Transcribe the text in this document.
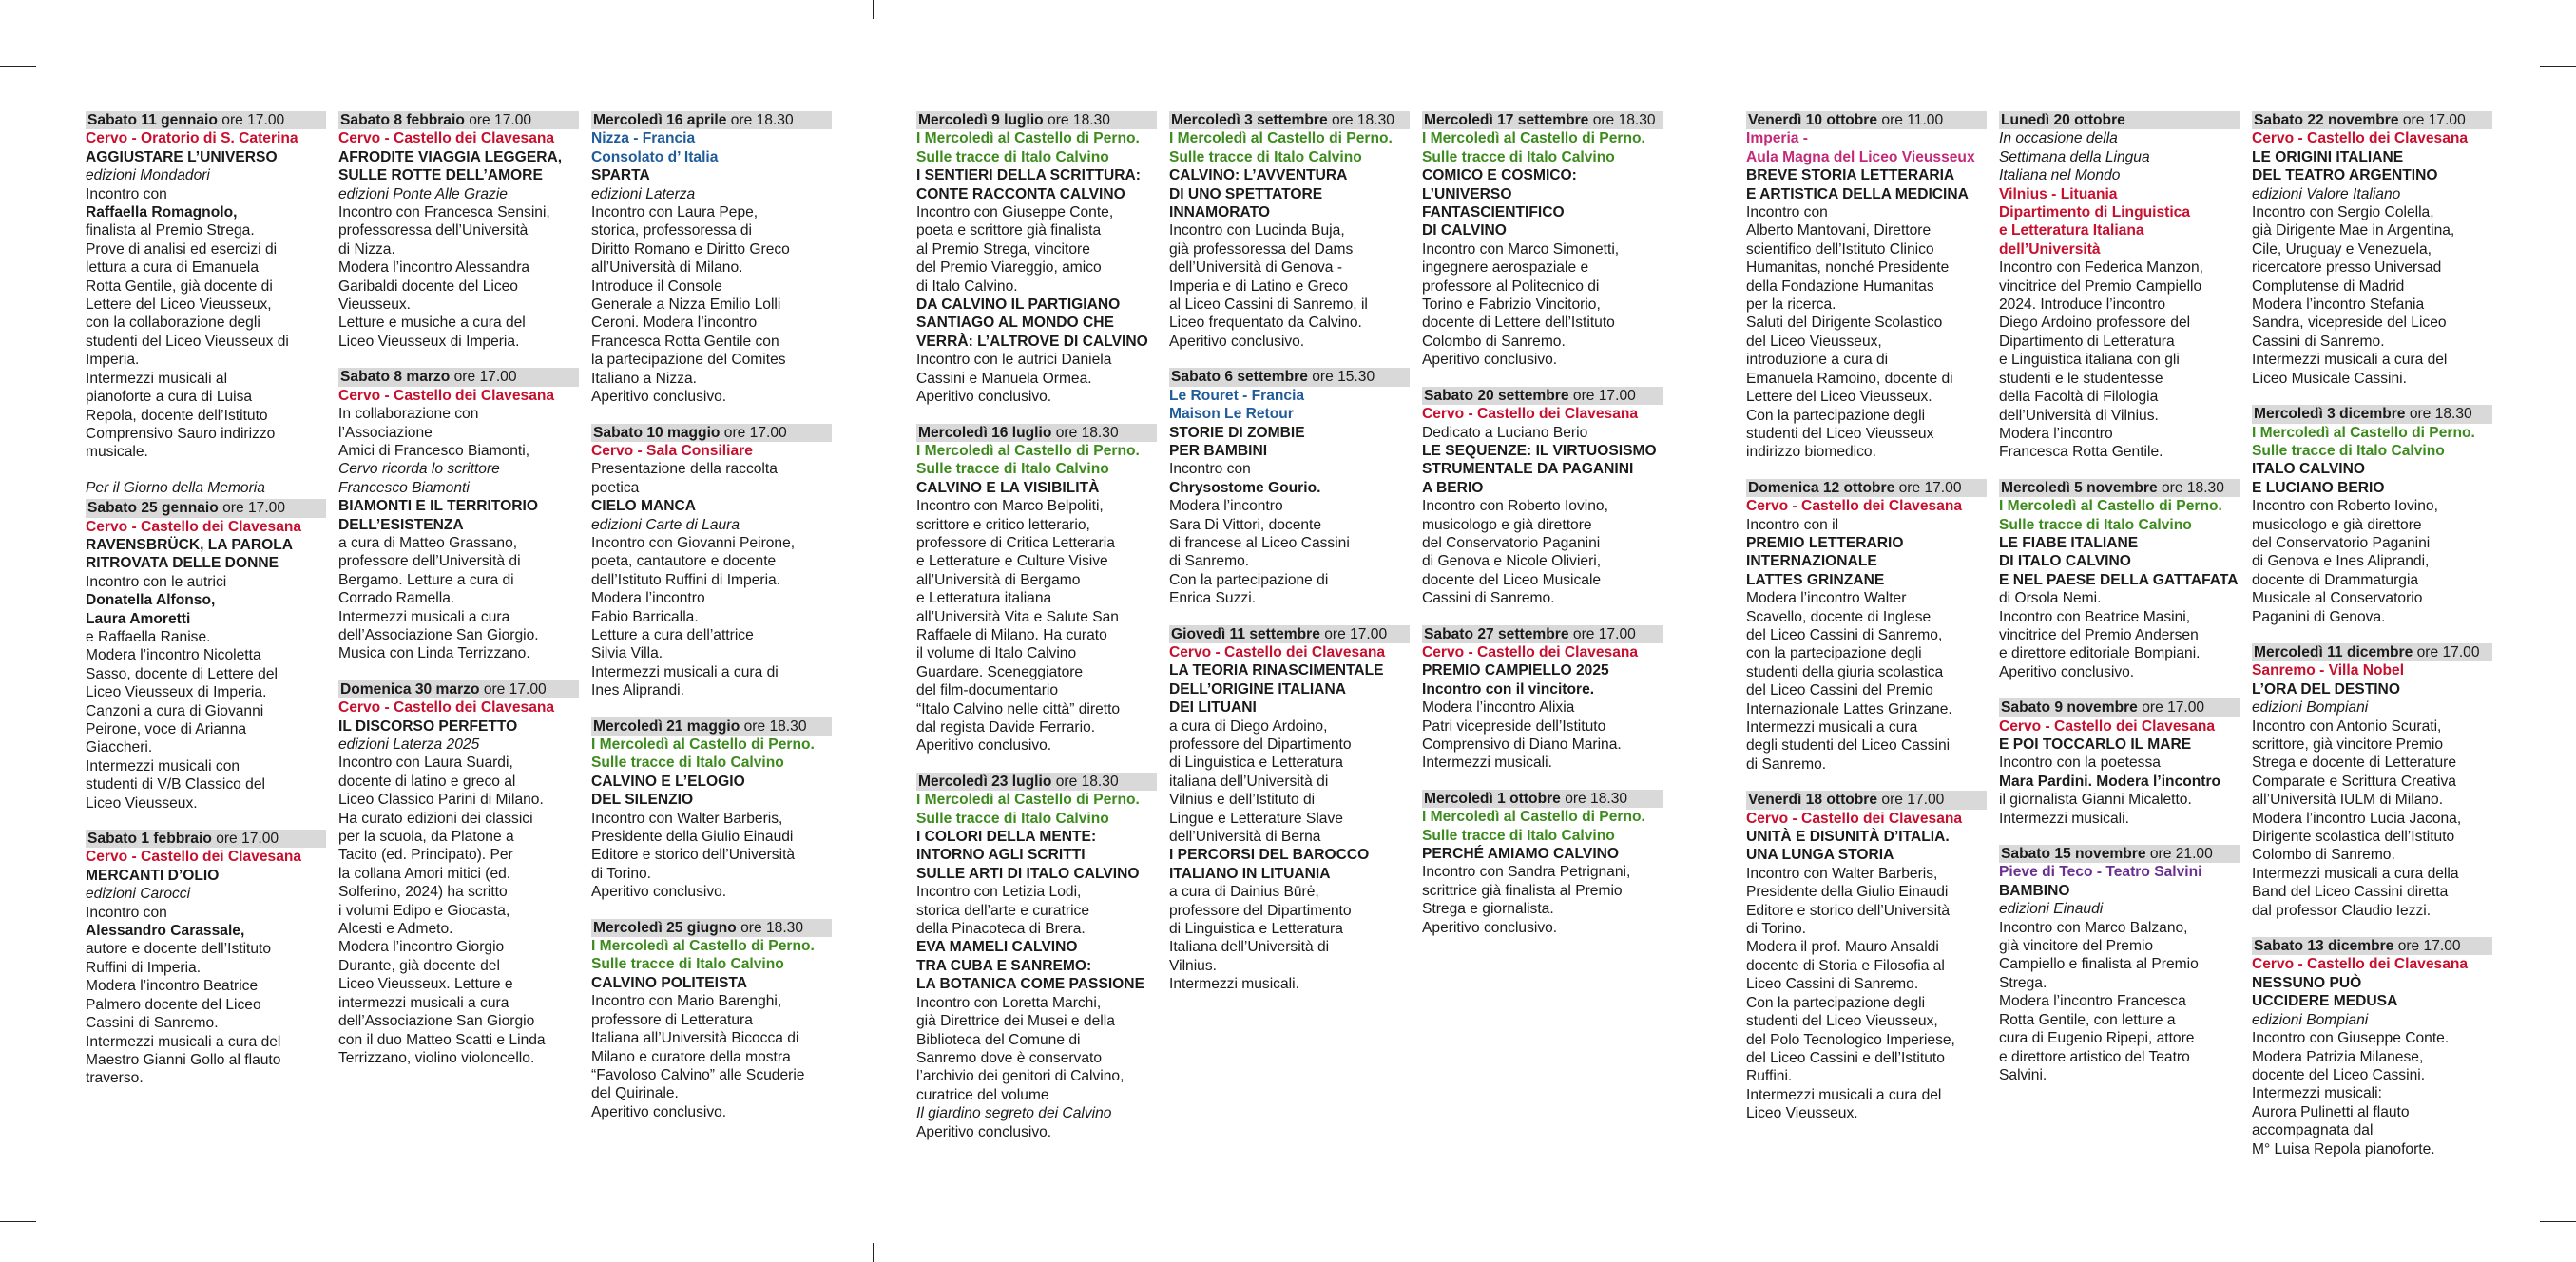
Sabato 11 gennaio ore 17.00
Cervo - Oratorio di S. Caterina
AGGIUSTARE L’UNIVERSO
edizioni Mondadori
Incontro con
Raffaella Romagnolo,
finalista al Premio Strega.
Prove di analisi ed esercizi di
lettura a cura di Emanuela
Rotta Gentile, già docente di
Lettere del Liceo Vieusseux,
con la collaborazione degli
studenti del Liceo Vieusseux di
Imperia.
Intermezzi musicali al
pianoforte a cura di Luisa
Repola, docente dell’Istituto
Comprensivo Sauro indirizzo
musicale.
Per il Giorno della Memoria
Sabato 25 gennaio ore 17.00
Cervo - Castello dei Clavesana
RAVENSBRÜCK, LA PAROLA
RITROVATA DELLE DONNE
Incontro con le autrici
Donatella Alfonso,
Laura Amoretti
e Raffaella Ranise.
Modera l’incontro Nicoletta
Sasso, docente di Lettere del
Liceo Vieusseux di Imperia.
Canzoni a cura di Giovanni
Peirone, voce di Arianna
Giaccheri.
Intermezzi musicali con
studenti di V/B Classico del
Liceo Vieusseux.
Sabato 1 febbraio ore 17.00
Cervo - Castello dei Clavesana
MERCANTI D’OLIO
edizioni Carocci
Incontro con
Alessandro Carassale,
autore e docente dell’Istituto
Ruffini di Imperia.
Modera l’incontro Beatrice
Palmero docente del Liceo
Cassini di Sanremo.
Intermezzi musicali a cura del
Maestro Gianni Gollo al flauto
traverso.
Sabato 8 febbraio ore 17.00
Cervo - Castello dei Clavesana
AFRODITE VIAGGIA LEGGERA,
SULLE ROTTE DELL’AMORE
edizioni Ponte Alle Grazie
Incontro con Francesca Sensini,
professoressa dell’Università
di Nizza.
Modera l’incontro Alessandra
Garibaldi docente del Liceo
Vieusseux.
Letture e musiche a cura del
Liceo Vieusseux di Imperia.
Sabato 8 marzo ore 17.00
Cervo - Castello dei Clavesana
In collaborazione con
l’Associazione
Amici di Francesco Biamonti,
Cervo ricorda lo scrittore
Francesco Biamonti
BIAMONTI E IL TERRITORIO
DELL’ESISTENZA
a cura di Matteo Grassano,
professore dell’Università di
Bergamo. Letture a cura di
Corrado Ramella.
Intermezzi musicali a cura
dell’Associazione San Giorgio.
Musica con Linda Terrizzano.
Domenica 30 marzo ore 17.00
Cervo - Castello dei Clavesana
IL DISCORSO PERFETTO
edizioni Laterza 2025
Incontro con Laura Suardi,
docente di latino e greco al
Liceo Classico Parini di Milano.
Ha curato edizioni dei classici
per la scuola, da Platone a
Tacito (ed. Principato). Per
la collana Amori mitici (ed.
Solferino, 2024) ha scritto
i volumi Edipo e Giocasta,
Alcesti e Admeto.
Modera l’incontro Giorgio
Durante, già docente del
Liceo Vieusseux. Letture e
intermezzi musicali a cura
dell’Associazione San Giorgio
con il duo Matteo Scatti e Linda
Terrizzano, violino violoncello.
Mercoledì 16 aprile ore 18.30
Nizza - Francia
Consolato d’ Italia
SPARTA
edizioni Laterza
Incontro con Laura Pepe,
storica, professoressa di
Diritto Romano e Diritto Greco
all’Università di Milano.
Introduce il Console
Generale a Nizza Emilio Lolli
Ceroni. Modera l’incontro
Francesca Rotta Gentile con
la partecipazione del Comites
Italiano a Nizza.
Aperitivo conclusivo.
Sabato 10 maggio ore 17.00
Cervo - Sala Consiliare
Presentazione della raccolta
poetica
CIELO MANCA
edizioni Carte di Laura
Incontro con Giovanni Peirone,
poeta, cantautore e docente
dell’Istituto Ruffini di Imperia.
Modera l’incontro
Fabio Barricalla.
Letture a cura dell’attrice
Silvia Villa.
Intermezzi musicali a cura di
Ines Aliprandi.
Mercoledì 21 maggio ore 18.30
I Mercoledì al Castello di Perno.
Sulle tracce di Italo Calvino
CALVINO E L’ELOGIO
DEL SILENZIO
Incontro con Walter Barberis,
Presidente della Giulio Einaudi
Editore e storico dell’Università
di Torino.
Aperitivo conclusivo.
Mercoledì 25 giugno ore 18.30
I Mercoledì al Castello di Perno.
Sulle tracce di Italo Calvino
CALVINO POLITEISTA
Incontro con Mario Barenghi,
professore di Letteratura
Italiana all’Università Bicocca di
Milano e curatore della mostra
“Favoloso Calvino” alle Scuderie
del Quirinale.
Aperitivo conclusivo.
Mercoledì 9 luglio ore 18.30
I Mercoledì al Castello di Perno.
Sulle tracce di Italo Calvino
I SENTIERI DELLA SCRITTURA:
CONTE RACCONTA CALVINO
Incontro con Giuseppe Conte,
poeta e scrittore già finalista
al Premio Strega, vincitore
del Premio Viareggio, amico
di Italo Calvino.
DA CALVINO IL PARTIGIANO
SANTIAGO AL MONDO CHE
VERRÀ: L’ALTROVE DI CALVINO
Incontro con le autrici Daniela
Cassini e Manuela Ormea.
Aperitivo conclusivo.
Mercoledì 16 luglio ore 18.30
I Mercoledì al Castello di Perno.
Sulle tracce di Italo Calvino
CALVINO E LA VISIBILITÀ
Incontro con Marco Belpoliti,
scrittore e critico letterario,
professore di Critica Letteraria
e Letterature e Culture Visive
all’Università di Bergamo
e Letteratura italiana
all’Università Vita e Salute San
Raffaele di Milano. Ha curato
il volume di Italo Calvino
Guardare. Sceneggiatore
del film-documentario
“Italo Calvino nelle città” diretto
dal regista Davide Ferrario.
Aperitivo conclusivo.
Mercoledì 23 luglio ore 18.30
I Mercoledì al Castello di Perno.
Sulle tracce di Italo Calvino
I COLORI DELLA MENTE:
INTORNO AGLI SCRITTI
SULLE ARTI DI ITALO CALVINO
Incontro con Letizia Lodi,
storica dell’arte e curatrice
della Pinacoteca di Brera.
EVA MAMELI CALVINO
TRA CUBA E SANREMO:
LA BOTANICA COME PASSIONE
Incontro con Loretta Marchi,
già Direttrice dei Musei e della
Biblioteca del Comune di
Sanremo dove è conservato
l’archivio dei genitori di Calvino,
curatrice del volume
Il giardino segreto dei Calvino
Aperitivo conclusivo.
Mercoledì 3 settembre ore 18.30
I Mercoledì al Castello di Perno.
Sulle tracce di Italo Calvino
CALVINO: L’AVVENTURA
DI UNO SPETTATORE
INNAMORATO
Incontro con Lucinda Buja,
già professoressa del Dams
dell’Università di Genova -
Imperia e di Latino e Greco
al Liceo Cassini di Sanremo, il
Liceo frequentato da Calvino.
Aperitivo conclusivo.
Sabato 6 settembre ore 15.30
Le Rouret - Francia
Maison Le Retour
STORIE DI ZOMBIE
PER BAMBINI
Incontro con
Chrysostome Gourio.
Modera l’incontro
Sara Di Vittori, docente
di francese al Liceo Cassini
di Sanremo.
Con la partecipazione di
Enrica Suzzi.
Giovedì 11 settembre ore 17.00
Cervo - Castello dei Clavesana
LA TEORIA RINASCIMENTALE
DELL’ORIGINE ITALIANA
DEI LITUANI
a cura di Diego Ardoino,
professore del Dipartimento
di Linguistica e Letteratura
italiana dell’Università di
Vilnius e dell’Istituto di
Lingue e Letterature Slave
dell’Università di Berna
I PERCORSI DEL BAROCCO
ITALIANO IN LITUANIA
a cura di Dainius Būrė,
professore del Dipartimento
di Linguistica e Letteratura
Italiana dell’Università di
Vilnius.
Intermezzi musicali.
Mercoledì 17 settembre ore 18.30
I Mercoledì al Castello di Perno.
Sulle tracce di Italo Calvino
COMICO E COSMICO:
L’UNIVERSO
FANTASCIENTIFICO
DI CALVINO
Incontro con Marco Simonetti,
ingegnere aerospaziale e
professore al Politecnico di
Torino e Fabrizio Vincitorio,
docente di Lettere dell’Istituto
Colombo di Sanremo.
Aperitivo conclusivo.
Sabato 20 settembre ore 17.00
Cervo - Castello dei Clavesana
Dedicato a Luciano Berio
LE SEQUENZE: IL VIRTUOSISMO
STRUMENTALE DA PAGANINI
A BERIO
Incontro con Roberto Iovino,
musicologo e già direttore
del Conservatorio Paganini
di Genova e Nicole Olivieri,
docente del Liceo Musicale
Cassini di Sanremo.
Sabato 27 settembre ore 17.00
Cervo - Castello dei Clavesana
PREMIO CAMPIELLO 2025
Incontro con il vincitore.
Modera l’incontro Alixia
Patri vicepreside dell’Istituto
Comprensivo di Diano Marina.
Intermezzi musicali.
Mercoledì 1 ottobre ore 18.30
I Mercoledì al Castello di Perno.
Sulle tracce di Italo Calvino
PERCHÉ AMIAMO CALVINO
Incontro con Sandra Petrignani,
scrittrice già finalista al Premio
Strega e giornalista.
Aperitivo conclusivo.
Venerdì 10 ottobre ore 11.00
Imperia -
Aula Magna del Liceo Vieusseux
BREVE STORIA LETTERARIA
E ARTISTICA DELLA MEDICINA
Incontro con
Alberto Mantovani, Direttore
scientifico dell’Istituto Clinico
Humanitas, nonché Presidente
della Fondazione Humanitas
per la ricerca.
Saluti del Dirigente Scolastico
del Liceo Vieusseux,
introduzione a cura di
Emanuela Ramoino, docente di
Lettere del Liceo Vieusseux.
Con la partecipazione degli
studenti del Liceo Vieusseux
indirizzo biomedico.
Domenica 12 ottobre ore 17.00
Cervo - Castello dei Clavesana
Incontro con il
PREMIO LETTERARIO
INTERNAZIONALE
LATTES GRINZANE
Modera l’incontro Walter
Scavello, docente di Inglese
del Liceo Cassini di Sanremo,
con la partecipazione degli
studenti della giuria scolastica
del Liceo Cassini del Premio
Internazionale Lattes Grinzane.
Intermezzi musicali a cura
degli studenti del Liceo Cassini
di Sanremo.
Venerdì 18 ottobre ore 17.00
Cervo - Castello dei Clavesana
UNITÀ E DISUNITÀ D’ITALIA.
UNA LUNGA STORIA
Incontro con Walter Barberis,
Presidente della Giulio Einaudi
Editore e storico dell’Università
di Torino.
Modera il prof. Mauro Ansaldi
docente di Storia e Filosofia al
Liceo Cassini di Sanremo.
Con la partecipazione degli
studenti del Liceo Vieusseux,
del Polo Tecnologico Imperiese,
del Liceo Cassini e dell’Istituto
Ruffini.
Intermezzi musicali a cura del
Liceo Vieusseux.
Lunedì 20 ottobre
In occasione della
Settimana della Lingua
Italiana nel Mondo
Vilnius - Lituania
Dipartimento di Linguistica
e Letteratura Italiana
dell’Università
Incontro con Federica Manzon,
vincitrice del Premio Campiello
2024. Introduce l’incontro
Diego Ardoino professore del
Dipartimento di Letteratura
e Linguistica italiana con gli
studenti e le studentesse
della Facoltà di Filologia
dell’Università di Vilnius.
Modera l’incontro
Francesca Rotta Gentile.
Mercoledì 5 novembre ore 18.30
I Mercoledì al Castello di Perno.
Sulle tracce di Italo Calvino
LE FIABE ITALIANE
DI ITALO CALVINO
E NEL PAESE DELLA GATTAFATA
di Orsola Nemi.
Incontro con Beatrice Masini,
vincitrice del Premio Andersen
e direttore editoriale Bompiani.
Aperitivo conclusivo.
Sabato 9 novembre ore 17.00
Cervo - Castello dei Clavesana
E POI TOCCARLO IL MARE
Incontro con la poetessa
Mara Pardini. Modera l’incontro
il giornalista Gianni Micaletto.
Intermezzi musicali.
Sabato 15 novembre ore 21.00
Pieve di Teco - Teatro Salvini
BAMBINO
edizioni Einaudi
Incontro con Marco Balzano,
già vincitore del Premio
Campiello e finalista al Premio
Strega.
Modera l’incontro Francesca
Rotta Gentile, con letture a
cura di Eugenio Ripepi, attore
e direttore artistico del Teatro
Salvini.
Sabato 22 novembre ore 17.00
Cervo - Castello dei Clavesana
LE ORIGINI ITALIANE
DEL TEATRO ARGENTINO
edizioni Valore Italiano
Incontro con Sergio Colella,
già Dirigente Mae in Argentina,
Cile, Uruguay e Venezuela,
ricercatore presso Universad
Complutense di Madrid
Modera l’incontro Stefania
Sandra, vicepreside del Liceo
Cassini di Sanremo.
Intermezzi musicali a cura del
Liceo Musicale Cassini.
Mercoledì 3 dicembre ore 18.30
I Mercoledì al Castello di Perno.
Sulle tracce di Italo Calvino
ITALO CALVINO
E LUCIANO BERIO
Incontro con Roberto Iovino,
musicologo e già direttore
del Conservatorio Paganini
di Genova e Ines Aliprandi,
docente di Drammaturgia
Musicale al Conservatorio
Paganini di Genova.
Mercoledì 11 dicembre ore 17.00
Sanremo - Villa Nobel
L’ORA DEL DESTINO
edizioni Bompiani
Incontro con Antonio Scurati,
scrittore, già vincitore Premio
Strega e docente di Letterature
Comparate e Scrittura Creativa
all’Università IULM di Milano.
Modera l’incontro Lucia Jacona,
Dirigente scolastica dell’Istituto
Colombo di Sanremo.
Intermezzi musicali a cura della
Band del Liceo Cassini diretta
dal professor Claudio Iezzi.
Sabato 13 dicembre ore 17.00
Cervo - Castello dei Clavesana
NESSUNO PUÒ
UCCIDERE MEDUSA
edizioni Bompiani
Incontro con Giuseppe Conte.
Modera Patrizia Milanese,
docente del Liceo Cassini.
Intermezzi musicali:
Aurora Pulinetti al flauto
accompagnata dal
M° Luisa Repola pianoforte.
